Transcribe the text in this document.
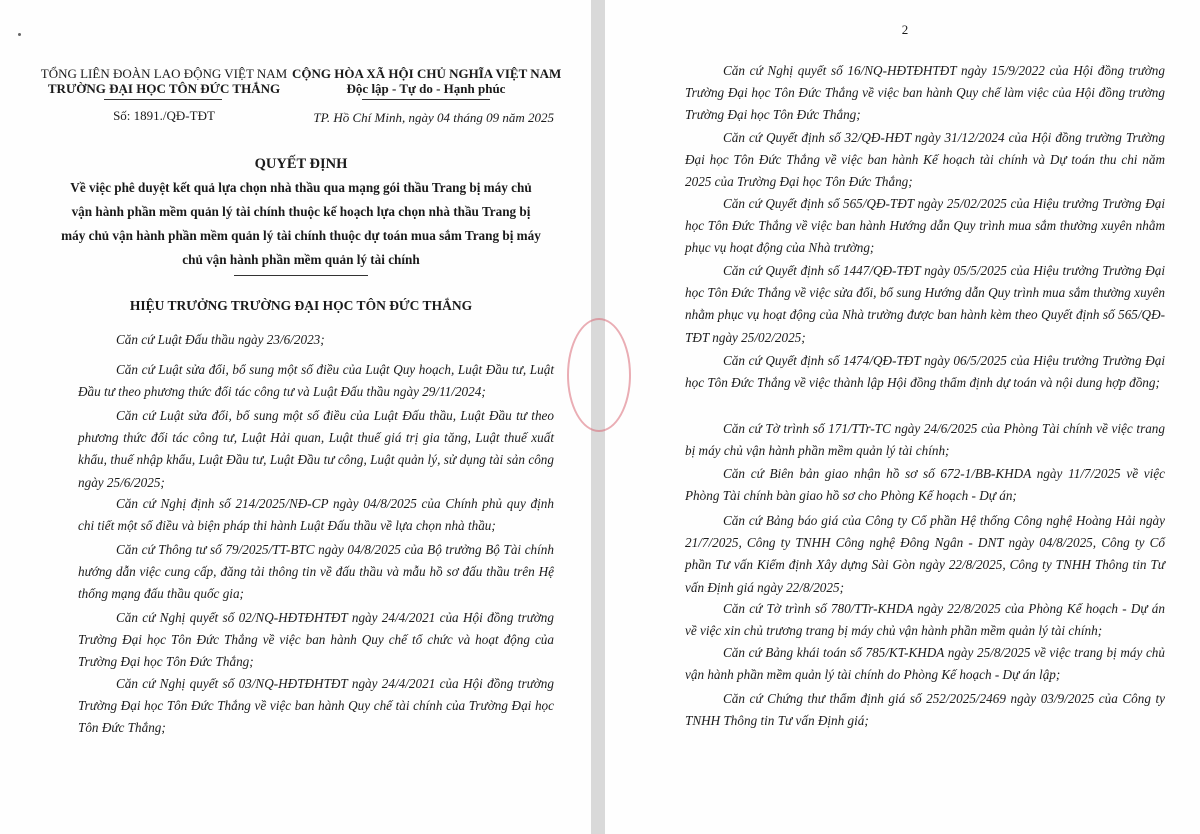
TỔNG LIÊN ĐOÀN LAO ĐỘNG VIỆT NAM
TRƯỜNG ĐẠI HỌC TÔN ĐỨC THẮNG
Số: 1891./QĐ-TĐT
CỘNG HÒA XÃ HỘI CHỦ NGHĨA VIỆT NAM
Độc lập - Tự do - Hạnh phúc
TP. Hồ Chí Minh, ngày 04 tháng 09 năm 2025
QUYẾT ĐỊNH
Về việc phê duyệt kết quả lựa chọn nhà thầu qua mạng gói thầu Trang bị máy chủ
vận hành phần mềm quản lý tài chính thuộc kế hoạch lựa chọn nhà thầu Trang bị
máy chủ vận hành phần mềm quản lý tài chính thuộc dự toán mua sắm Trang bị máy
chủ vận hành phần mềm quản lý tài chính
HIỆU TRƯỞNG TRƯỜNG ĐẠI HỌC TÔN ĐỨC THẮNG
Căn cứ Luật Đấu thầu ngày 23/6/2023;
Căn cứ Luật sửa đổi, bổ sung một số điều của Luật Quy hoạch, Luật Đầu tư, Luật Đầu tư theo phương thức đối tác công tư và Luật Đấu thầu ngày 29/11/2024;
Căn cứ Luật sửa đổi, bổ sung một số điều của Luật Đấu thầu, Luật Đầu tư theo phương thức đối tác công tư, Luật Hải quan, Luật thuế giá trị gia tăng, Luật thuế xuất khẩu, thuế nhập khẩu, Luật Đầu tư, Luật Đầu tư công, Luật quản lý, sử dụng tài sản công ngày 25/6/2025;
Căn cứ Nghị định số 214/2025/NĐ-CP ngày 04/8/2025 của Chính phủ quy định chi tiết một số điều và biện pháp thi hành Luật Đấu thầu về lựa chọn nhà thầu;
Căn cứ Thông tư số 79/2025/TT-BTC ngày 04/8/2025 của Bộ trưởng Bộ Tài chính hướng dẫn việc cung cấp, đăng tải thông tin về đấu thầu và mẫu hồ sơ đấu thầu trên Hệ thống mạng đấu thầu quốc gia;
Căn cứ Nghị quyết số 02/NQ-HĐTĐHTĐT ngày 24/4/2021 của Hội đồng trường Trường Đại học Tôn Đức Thắng về việc ban hành Quy chế tổ chức và hoạt động của Trường Đại học Tôn Đức Thắng;
Căn cứ Nghị quyết số 03/NQ-HĐTĐHTĐT ngày 24/4/2021 của Hội đồng trường Trường Đại học Tôn Đức Thắng về việc ban hành Quy chế tài chính của Trường Đại học Tôn Đức Thắng;
2
Căn cứ Nghị quyết số 16/NQ-HĐTĐHTĐT ngày 15/9/2022 của Hội đồng trường Trường Đại học Tôn Đức Thắng về việc ban hành Quy chế làm việc của Hội đồng trường Trường Đại học Tôn Đức Thắng;
Căn cứ Quyết định số 32/QĐ-HĐT ngày 31/12/2024 của Hội đồng trường Trường Đại học Tôn Đức Thắng về việc ban hành Kế hoạch tài chính và Dự toán thu chi năm 2025 của Trường Đại học Tôn Đức Thắng;
Căn cứ Quyết định số 565/QĐ-TĐT ngày 25/02/2025 của Hiệu trưởng Trường Đại học Tôn Đức Thắng về việc ban hành Hướng dẫn Quy trình mua sắm thường xuyên nhằm phục vụ hoạt động của Nhà trường;
Căn cứ Quyết định số 1447/QĐ-TĐT ngày 05/5/2025 của Hiệu trưởng Trường Đại học Tôn Đức Thắng về việc sửa đổi, bổ sung Hướng dẫn Quy trình mua sắm thường xuyên nhằm phục vụ hoạt động của Nhà trường được ban hành kèm theo Quyết định số 565/QĐ-TĐT ngày 25/02/2025;
Căn cứ Quyết định số 1474/QĐ-TĐT ngày 06/5/2025 của Hiệu trưởng Trường Đại học Tôn Đức Thắng về việc thành lập Hội đồng thẩm định dự toán và nội dung hợp đồng;
Căn cứ Tờ trình số 171/TTr-TC ngày 24/6/2025 của Phòng Tài chính về việc trang bị máy chủ vận hành phần mềm quản lý tài chính;
Căn cứ Biên bản giao nhận hồ sơ số 672-1/BB-KHDA ngày 11/7/2025 về việc Phòng Tài chính bàn giao hồ sơ cho Phòng Kế hoạch - Dự án;
Căn cứ Bảng báo giá của Công ty Cổ phần Hệ thống Công nghệ Hoàng Hải ngày 21/7/2025, Công ty TNHH Công nghệ Đông Ngân - DNT ngày 04/8/2025, Công ty Cổ phần Tư vấn Kiểm định Xây dựng Sài Gòn ngày 22/8/2025, Công ty TNHH Thông tin Tư vấn Định giá ngày 22/8/2025;
Căn cứ Tờ trình số 780/TTr-KHDA ngày 22/8/2025 của Phòng Kế hoạch - Dự án về việc xin chủ trương trang bị máy chủ vận hành phần mềm quản lý tài chính;
Căn cứ Bảng khái toán số 785/KT-KHDA ngày 25/8/2025 về việc trang bị máy chủ vận hành phần mềm quản lý tài chính do Phòng Kế hoạch - Dự án lập;
Căn cứ Chứng thư thẩm định giá số 252/2025/2469 ngày 03/9/2025 của Công ty TNHH Thông tin Tư vấn Định giá;
